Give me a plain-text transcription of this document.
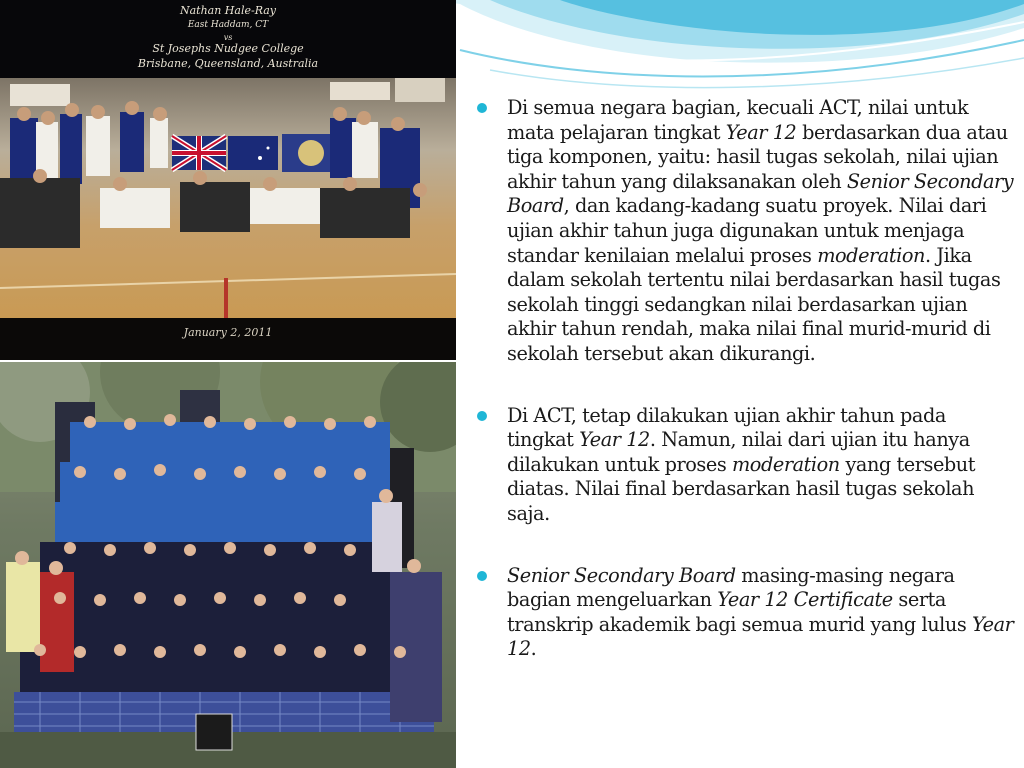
Nathan Hale-Ray
East Haddam, CT
vs
St Josephs Nudgee College
Brisbane, Queensland, Australia
January 2, 2011

Di semua negara bagian, kecuali ACT, nilai untuk mata pelajaran tingkat Year 12 berdasarkan dua atau tiga komponen, yaitu: hasil tugas sekolah, nilai ujian akhir tahun yang dilaksanakan oleh Senior Secondary Board, dan kadang-kadang suatu proyek. Nilai dari ujian akhir tahun juga digunakan untuk menjaga standar kenilaian melalui proses moderation. Jika dalam sekolah tertentu nilai berdasarkan hasil tugas sekolah tinggi sedangkan nilai berdasarkan ujian akhir tahun rendah, maka nilai final murid-murid di sekolah tersebut akan dikurangi.

Di ACT, tetap dilakukan ujian akhir tahun pada tingkat Year 12. Namun, nilai dari ujian itu hanya dilakukan untuk proses moderation yang tersebut diatas. Nilai final berdasarkan hasil tugas sekolah saja.

Senior Secondary Board masing-masing negara bagian mengeluarkan Year 12 Certificate serta transkrip akademik bagi semua murid yang lulus Year 12.
